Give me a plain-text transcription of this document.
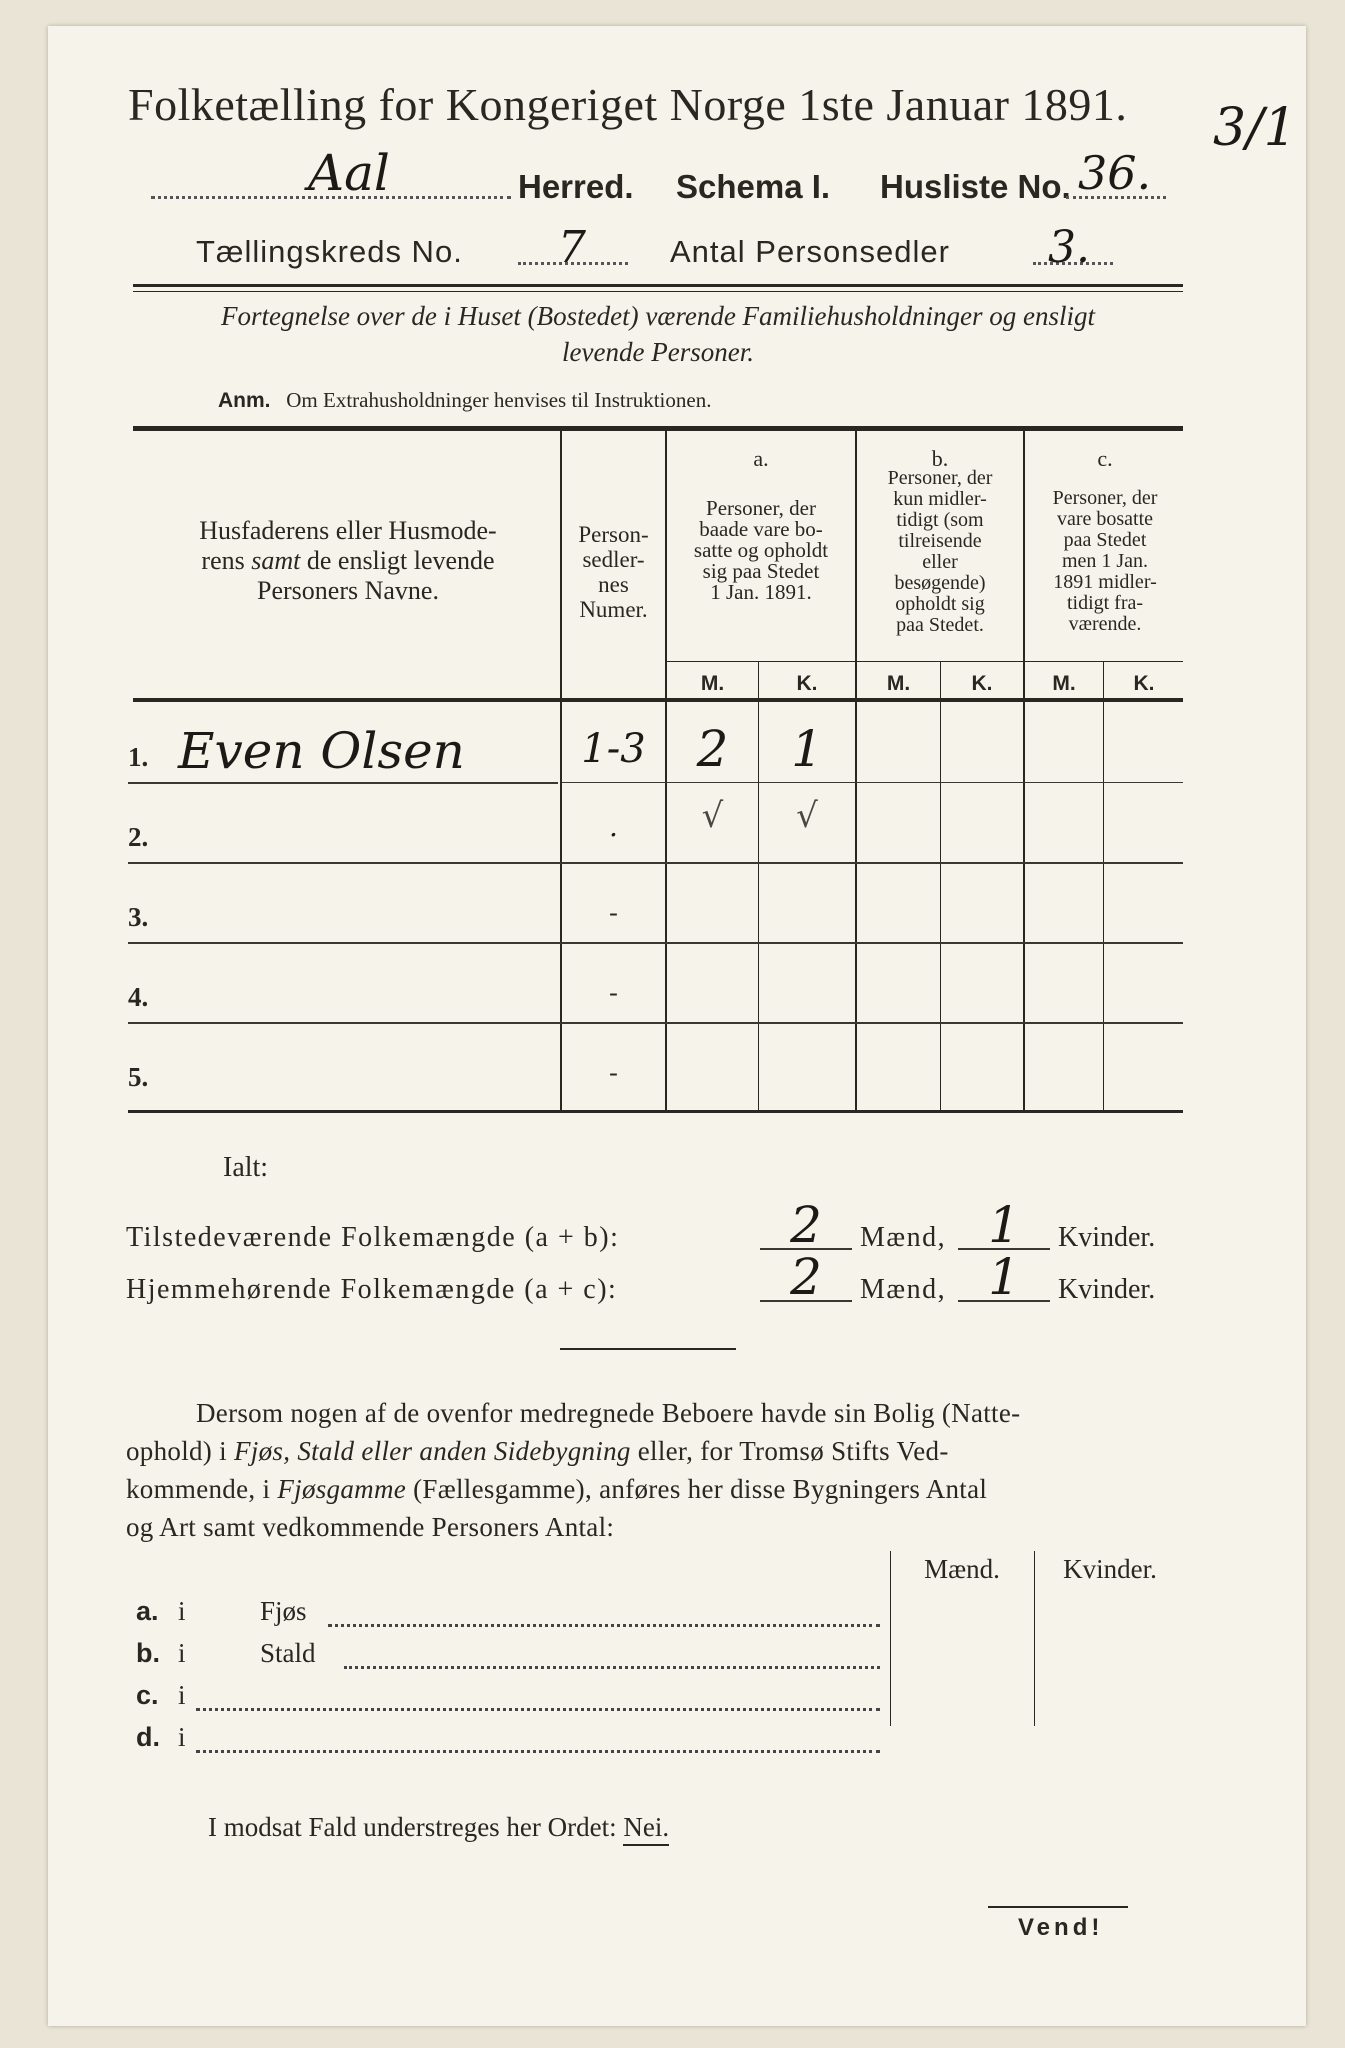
Folketælling for Kongeriget Norge 1ste Januar 1891. 3/1
Aal	Herred. Schema I. Husliste No. 36.
Tællingskreds No. 7	Antal Personsedler 3.
Fortegnelse over de i Huset (Bostedet) værende Familiehusholdninger og ensligt
levende Personer.
Anm. Om Extrahusholdninger henvises til Instruktionen.
Husfaderens eller Husmode-
rens samt de ensligt levende
Personers Navne.
Person-
sedler-
nes
Numer.
a.
Personer, der
baade vare bo-
satte og opholdt
sig paa Stedet
1 Jan. 1891.
b.
Personer, der
kun midler-
tidigt (som
tilreisende
eller
besøgende)
opholdt sig
paa Stedet.
c.
Personer, der
vare bosatte
paa Stedet
men 1 Jan.
1891 midler-
tidigt fra-
værende.
M.	K.	M.	K.	M.	K.
1. Even Olsen	1-3	2	1
2.	.	√	√
3.	-
4.	-
5.	-
Ialt:
Tilstedeværende Folkemængde (a + b):	2	Mænd, 1	Kvinder.
Hjemmehørende Folkemængde (a + c):	2	Mænd, 1	Kvinder.
Dersom nogen af de ovenfor medregnede Beboere havde sin Bolig (Natte-
ophold) i Fjøs, Stald eller anden Sidebygning eller, for Tromsø Stifts Ved-
kommende, i Fjøsgamme (Fællesgamme), anføres her disse Bygningers Antal
og Art samt vedkommende Personers Antal:
Mænd.	Kvinder.
a. i	Fjøs
b. i	Stald
c. i
d. i
I modsat Fald understreges her Ordet: Nei.
Vend!
